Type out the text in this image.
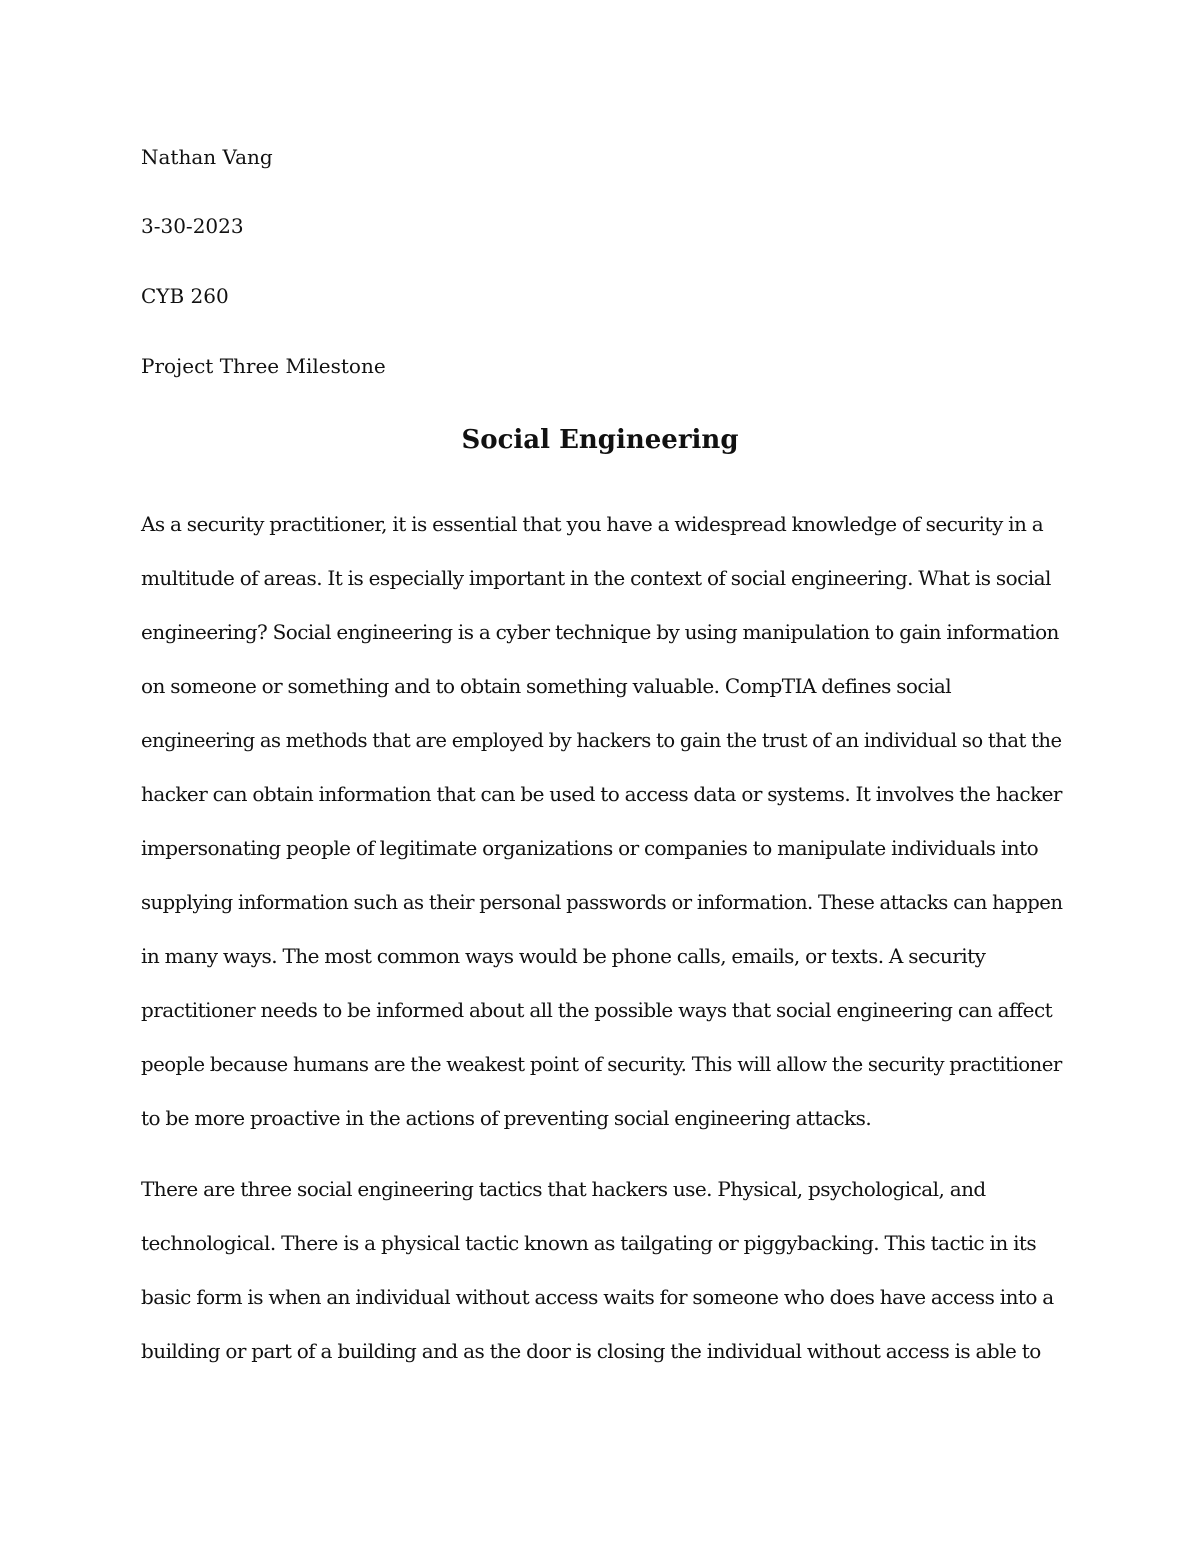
Nathan Vang

3-30-2023

CYB 260

Project Three Milestone

Social Engineering

As a security practitioner, it is essential that you have a widespread knowledge of security in a

multitude of areas. It is especially important in the context of social engineering. What is social

engineering? Social engineering is a cyber technique by using manipulation to gain information

on someone or something and to obtain something valuable. CompTIA defines social

engineering as methods that are employed by hackers to gain the trust of an individual so that the

hacker can obtain information that can be used to access data or systems. It involves the hacker

impersonating people of legitimate organizations or companies to manipulate individuals into

supplying information such as their personal passwords or information. These attacks can happen

in many ways. The most common ways would be phone calls, emails, or texts. A security

practitioner needs to be informed about all the possible ways that social engineering can affect

people because humans are the weakest point of security. This will allow the security practitioner

to be more proactive in the actions of preventing social engineering attacks.

There are three social engineering tactics that hackers use. Physical, psychological, and

technological. There is a physical tactic known as tailgating or piggybacking. This tactic in its

basic form is when an individual without access waits for someone who does have access into a

building or part of a building and as the door is closing the individual without access is able to
